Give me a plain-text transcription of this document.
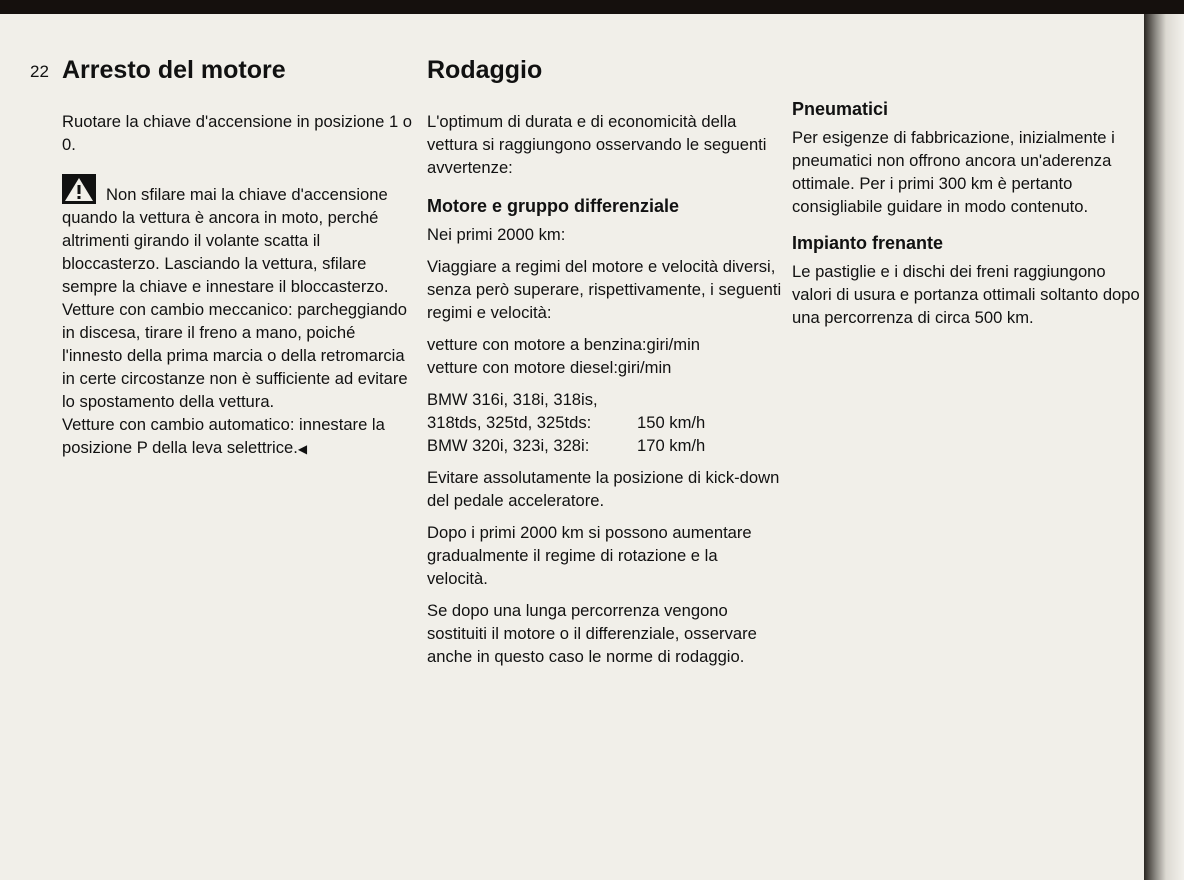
22 Arresto del motore

Ruotare la chiave d'accensione in posizione 1 o 0.

Non sfilare mai la chiave d'accensione quando la vettura è ancora in moto, perché altrimenti girando il volante scatta il bloccasterzo. Lasciando la vettura, sfilare sempre la chiave e innestare il bloccasterzo.

Vetture con cambio meccanico: parcheggiando in discesa, tirare il freno a mano, poiché l'innesto della prima marcia o della retromarcia in certe circostanze non è sufficiente ad evitare lo spostamento della vettura.

Vetture con cambio automatico: innestare la posizione P della leva selettrice.◀

Rodaggio

L'optimum di durata e di economicità della vettura si raggiungono osservando le seguenti avvertenze:

Motore e gruppo differenziale

Nei primi 2000 km:

Viaggiare a regimi del motore e velocità diversi, senza però superare, rispettivamente, i seguenti regimi e velocità:

vetture con motore a benzina:giri/min
vetture con motore diesel:giri/min

BMW 316i, 318i, 318is,
318tds, 325td, 325tds:	150 km/h
BMW 320i, 323i, 328i:	170 km/h

Evitare assolutamente la posizione di kick-down del pedale acceleratore.

Dopo i primi 2000 km si possono aumentare gradualmente il regime di rotazione e la velocità.

Se dopo una lunga percorrenza vengono sostituiti il motore o il differenziale, osservare anche in questo caso le norme di rodaggio.

Pneumatici

Per esigenze di fabbricazione, inizialmente i pneumatici non offrono ancora un'aderenza ottimale. Per i primi 300 km è pertanto consigliabile guidare in modo contenuto.

Impianto frenante

Le pastiglie e i dischi dei freni raggiungono valori di usura e portanza ottimali soltanto dopo una percorrenza di circa 500 km.
